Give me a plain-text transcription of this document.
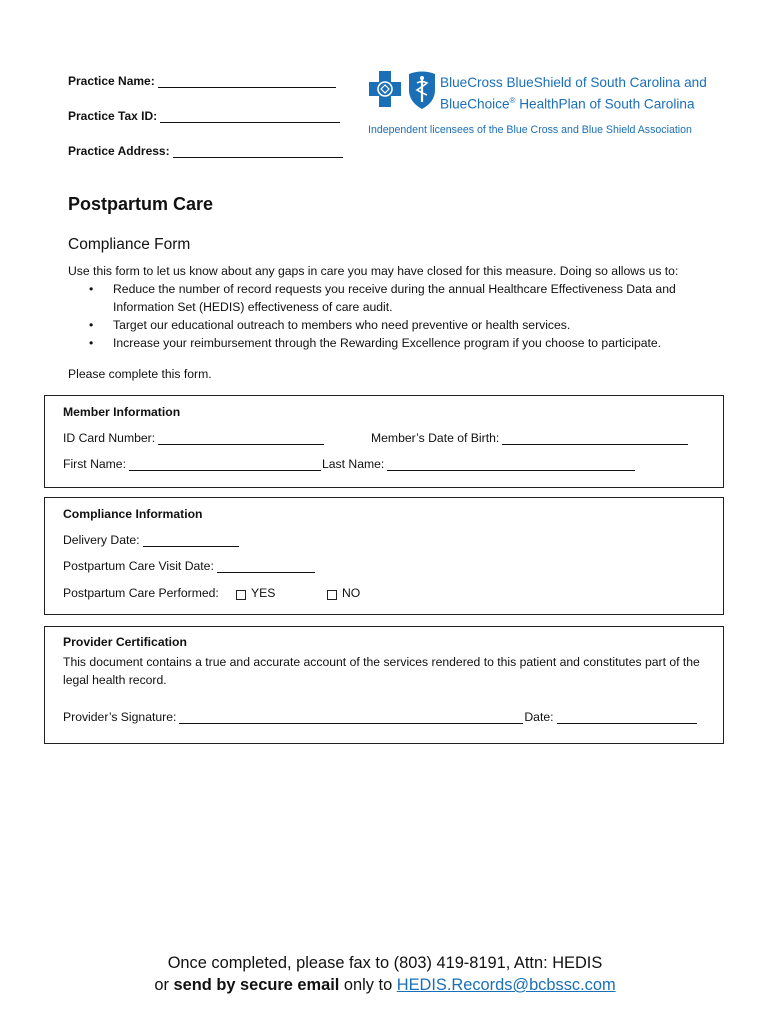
Practice Name:
Practice Tax ID:
Practice Address:
BlueCross BlueShield of South Carolina and
BlueChoice® HealthPlan of South Carolina
Independent licensees of the Blue Cross and Blue Shield Association
Postpartum Care
Compliance Form
Use this form to let us know about any gaps in care you may have closed for this measure. Doing so allows us to:
• Reduce the number of record requests you receive during the annual Healthcare Effectiveness Data and Information Set (HEDIS) effectiveness of care audit.
• Target our educational outreach to members who need preventive or health services.
• Increase your reimbursement through the Rewarding Excellence program if you choose to participate.
Please complete this form.
Member Information
ID Card Number:	Member’s Date of Birth:
First Name:	Last Name:
Compliance Information
Delivery Date:
Postpartum Care Visit Date:
Postpartum Care Performed:	YES	NO
Provider Certification
This document contains a true and accurate account of the services rendered to this patient and constitutes part of the legal health record.
Provider’s Signature:	Date:
Once completed, please fax to (803) 419-8191, Attn: HEDIS
or send by secure email only to HEDIS.Records@bcbssc.com
